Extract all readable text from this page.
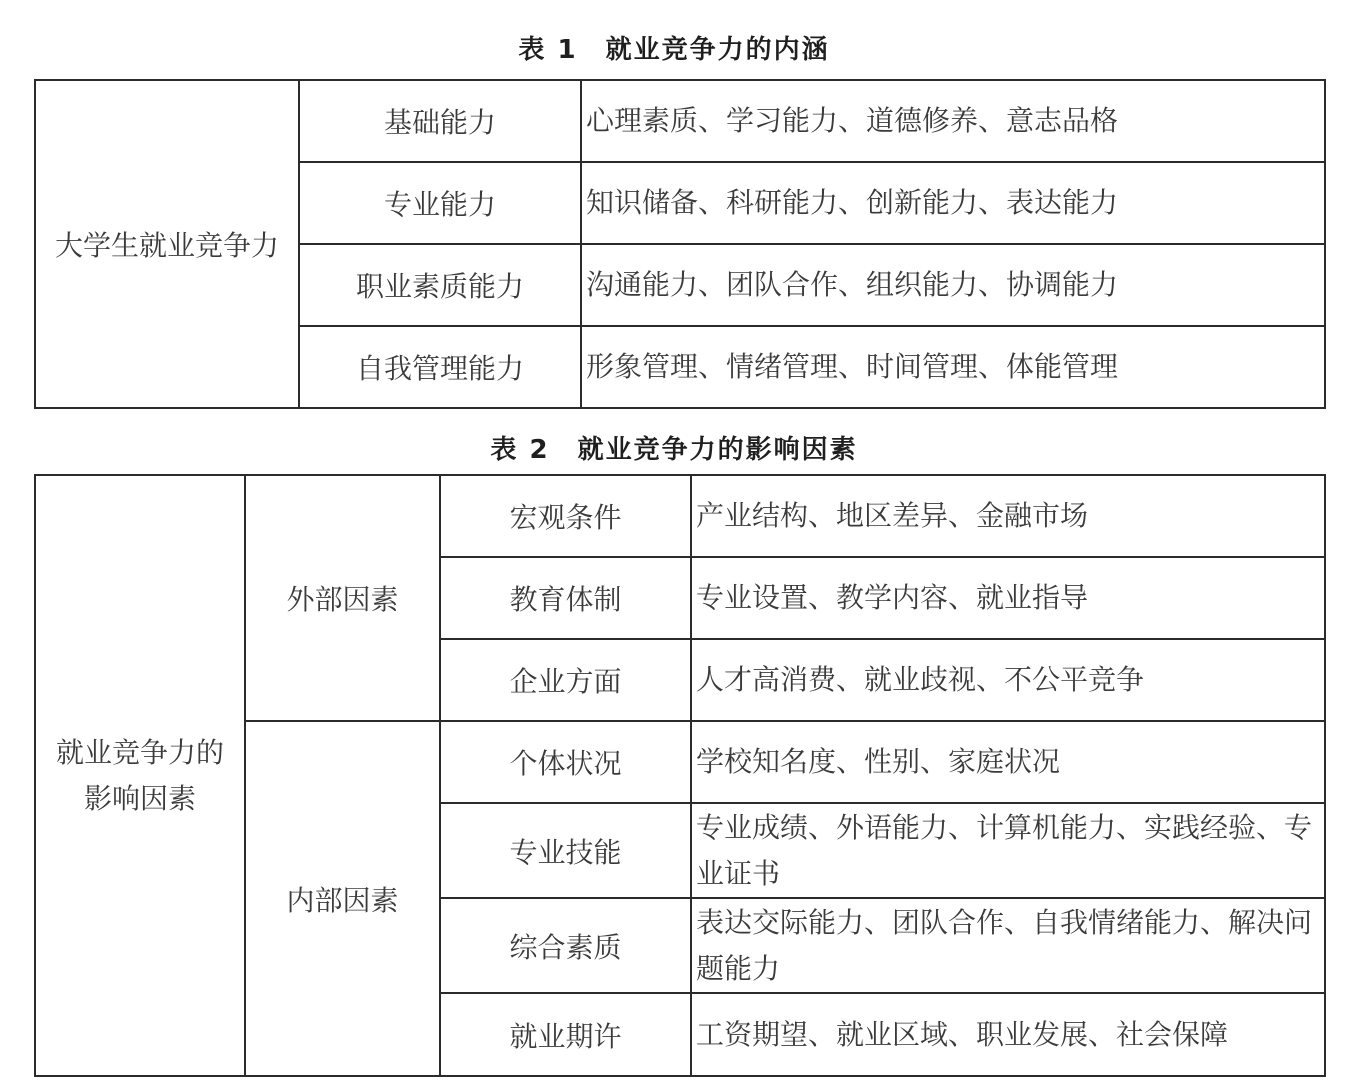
表 1　就业竞争力的内涵
大学生就业竞争力	基础能力	心理素质、学习能力、道德修养、意志品格
	专业能力	知识储备、科研能力、创新能力、表达能力
	职业素质能力	沟通能力、团队合作、组织能力、协调能力
	自我管理能力	形象管理、情绪管理、时间管理、体能管理
表 2　就业竞争力的影响因素
就业竞争力的影响因素	外部因素	宏观条件	产业结构、地区差异、金融市场
		教育体制	专业设置、教学内容、就业指导
		企业方面	人才高消费、就业歧视、不公平竞争
	内部因素	个体状况	学校知名度、性别、家庭状况
		专业技能	专业成绩、外语能力、计算机能力、实践经验、专业证书
		综合素质	表达交际能力、团队合作、自我情绪能力、解决问题能力
		就业期许	工资期望、就业区域、职业发展、社会保障
